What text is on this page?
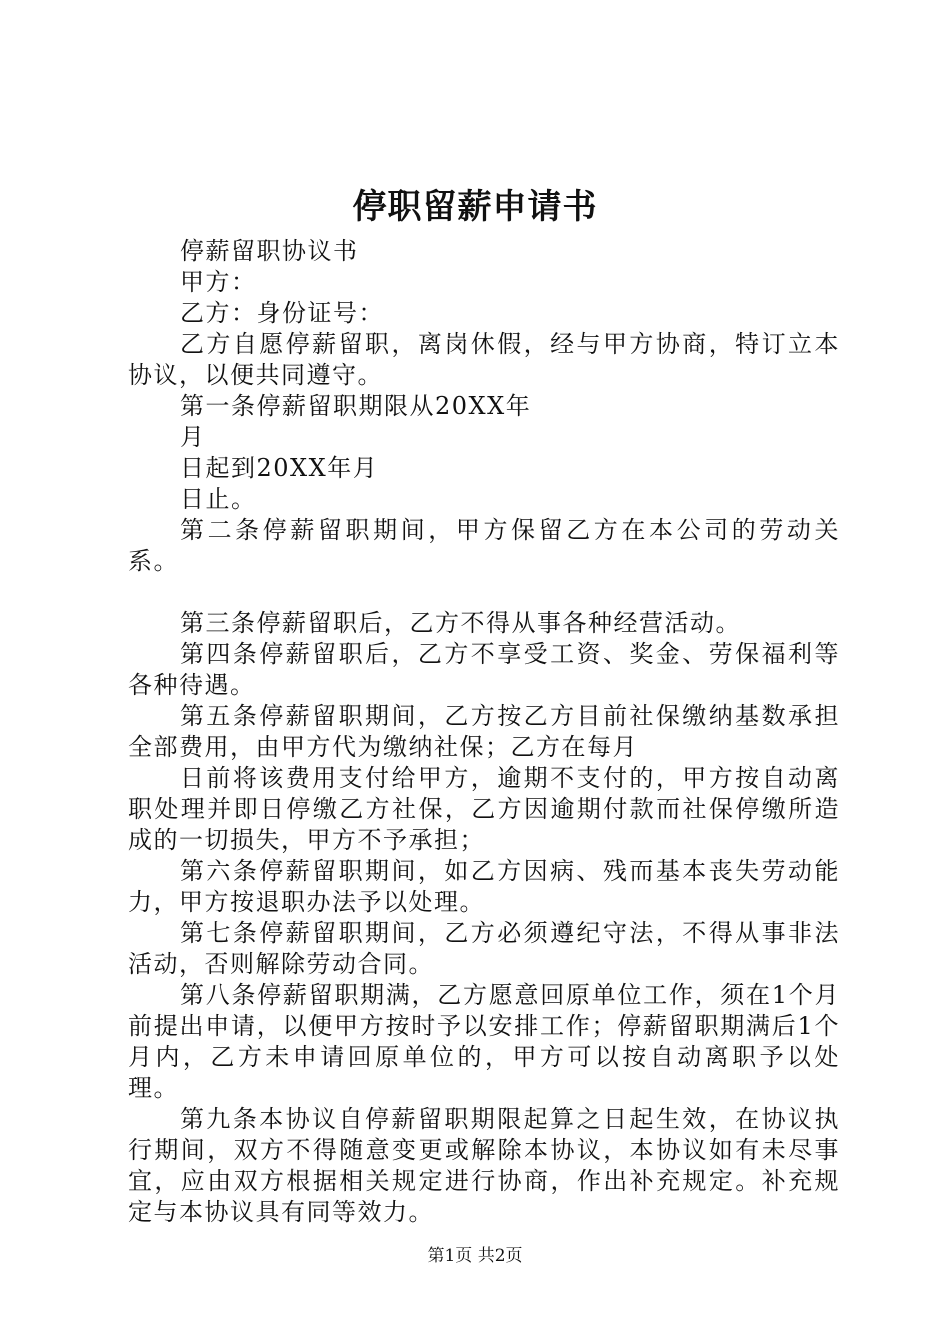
停职留薪申请书

停薪留职协议书

甲方：

乙方：身份证号：

乙方自愿停薪留职，离岗休假，经与甲方协商，特订立本协议，以便共同遵守。

第一条停薪留职期限从20XX年

月

日起到20XX年月

日止。

第二条停薪留职期间，甲方保留乙方在本公司的劳动关系。

第三条停薪留职后，乙方不得从事各种经营活动。

第四条停薪留职后，乙方不享受工资、奖金、劳保福利等各种待遇。

第五条停薪留职期间，乙方按乙方目前社保缴纳基数承担全部费用，由甲方代为缴纳社保；乙方在每月

日前将该费用支付给甲方，逾期不支付的，甲方按自动离职处理并即日停缴乙方社保，乙方因逾期付款而社保停缴所造成的一切损失，甲方不予承担；

第六条停薪留职期间，如乙方因病、残而基本丧失劳动能力，甲方按退职办法予以处理。

第七条停薪留职期间，乙方必须遵纪守法，不得从事非法活动，否则解除劳动合同。

第八条停薪留职期满，乙方愿意回原单位工作，须在1个月前提出申请，以便甲方按时予以安排工作；停薪留职期满后1个月内，乙方未申请回原单位的，甲方可以按自动离职予以处理。

第九条本协议自停薪留职期限起算之日起生效，在协议执行期间，双方不得随意变更或解除本协议，本协议如有未尽事宜，应由双方根据相关规定进行协商，作出补充规定。补充规定与本协议具有同等效力。

第1页 共2页
